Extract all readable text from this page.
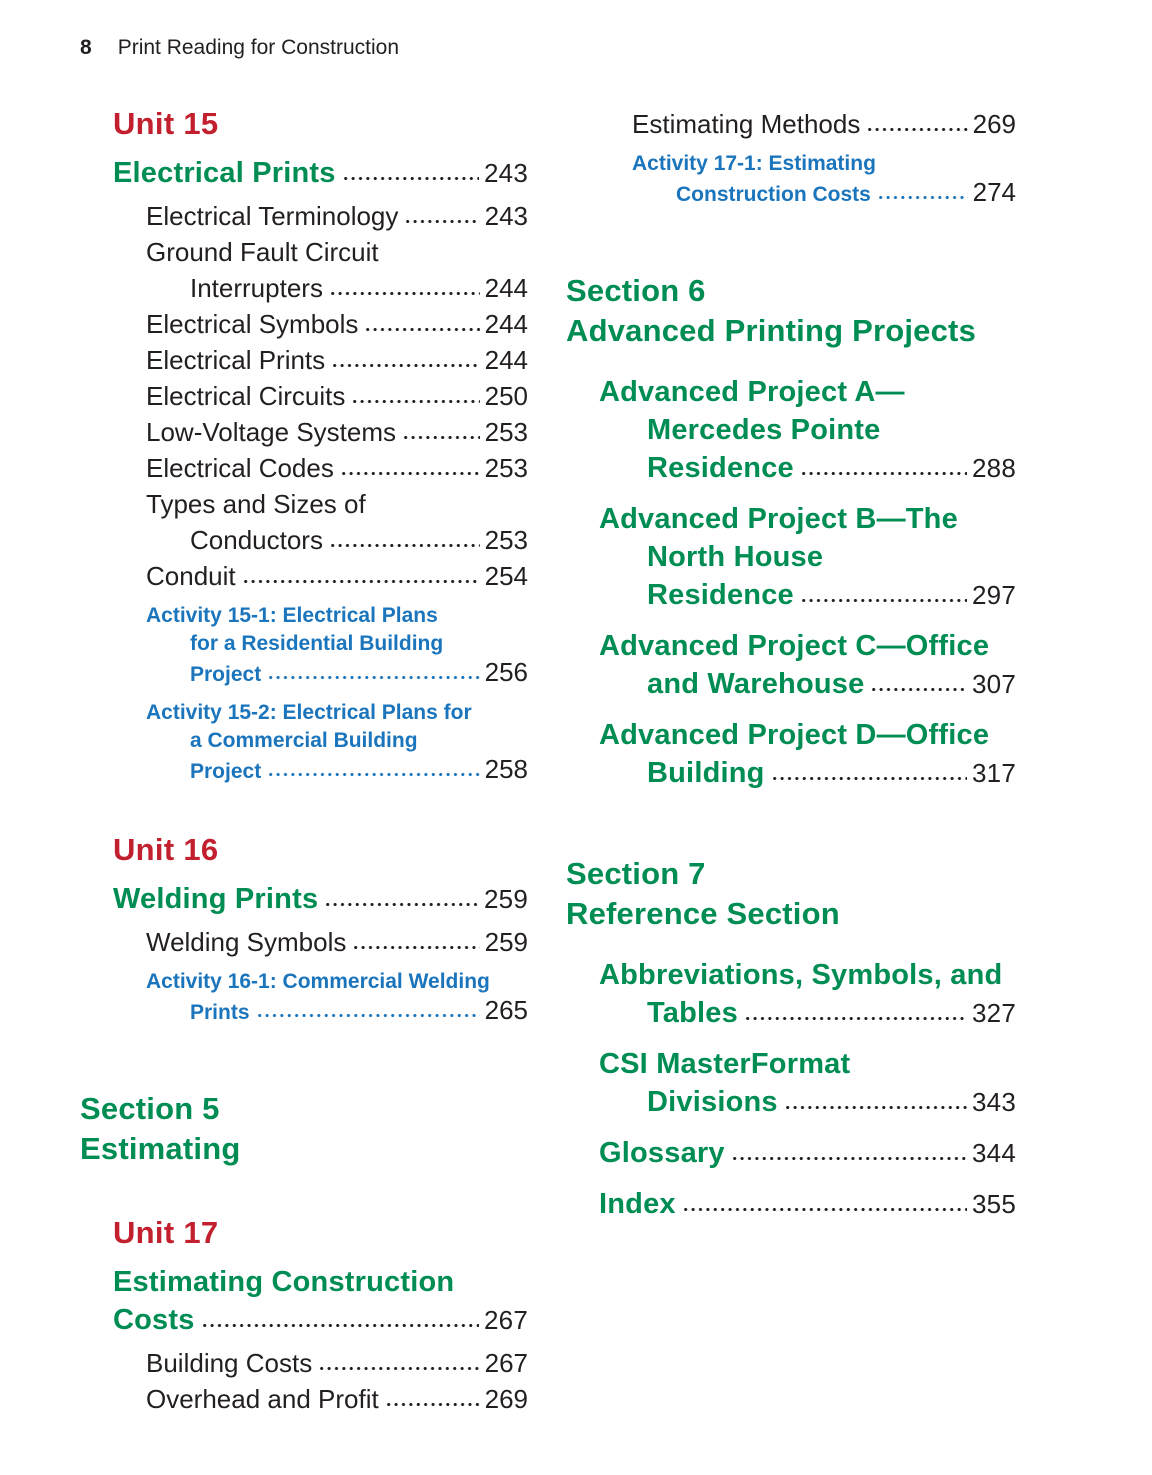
8 Print Reading for Construction
Unit 15
Electrical Prints	243
Electrical Terminology	243
Ground Fault Circuit
Interrupters	244
Electrical Symbols	244
Electrical Prints	244
Electrical Circuits	250
Low-Voltage Systems	253
Electrical Codes	253
Types and Sizes of
Conductors	253
Conduit	254
Activity 15-1: Electrical Plans
for a Residential Building
Project	256
Activity 15-2: Electrical Plans for
a Commercial Building
Project	258
Unit 16
Welding Prints	259
Welding Symbols	259
Activity 16-1: Commercial Welding
Prints	265
Section 5
Estimating
Unit 17
Estimating Construction
Costs	267
Building Costs	267
Overhead and Profit	269
Estimating Methods	269
Activity 17-1: Estimating
Construction Costs	274
Section 6
Advanced Printing Projects
Advanced Project A—
Mercedes Pointe
Residence	288
Advanced Project B—The
North House
Residence	297
Advanced Project C—Office
and Warehouse	307
Advanced Project D—Office
Building	317
Section 7
Reference Section
Abbreviations, Symbols, and
Tables	327
CSI MasterFormat
Divisions	343
Glossary	344
Index	355
